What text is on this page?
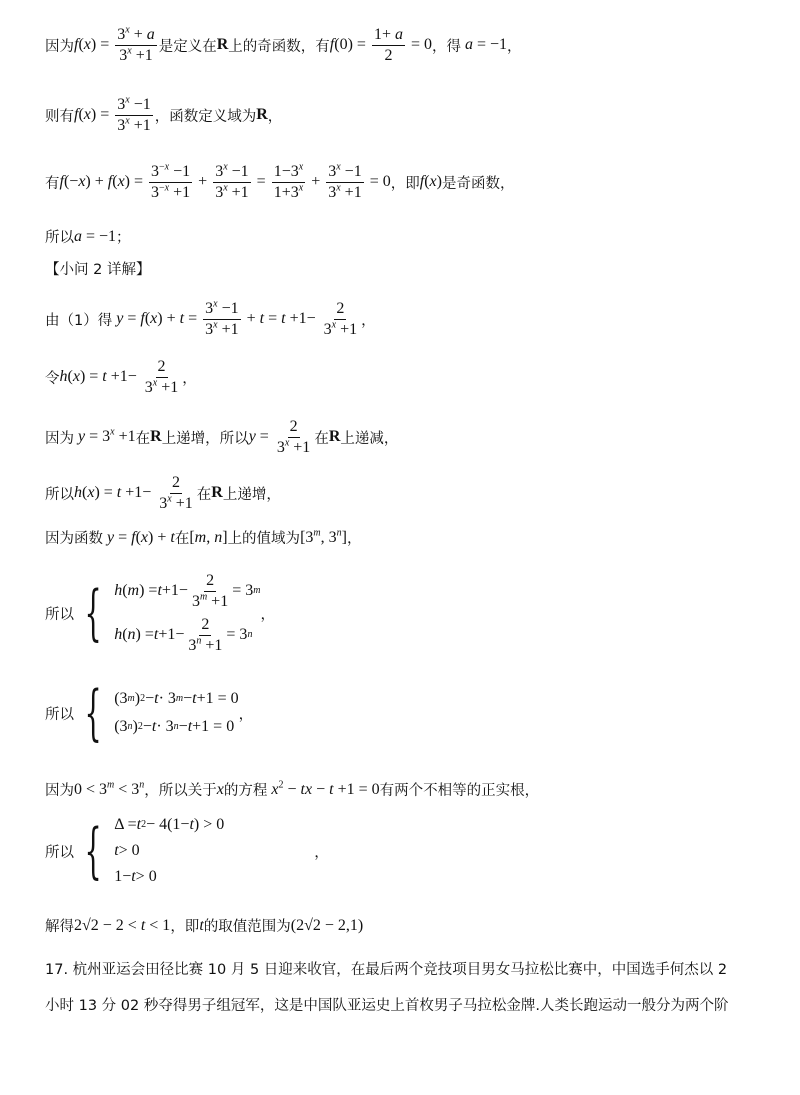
因为 $f(x) = \frac{3^x + a}{3^x +1}$ 是定义在 R 上的奇函数，有 $f(0) = \frac{1+ a}{2} = 0$ ，得 a = −1 ，
则有 $f(x) = \frac{3^x -1}{3^x +1}$ ，函数定义域为 R ，
有 $f(-x) + f(x) = \frac{3^{-x} -1}{3^{-x} +1} + \frac{3^x -1}{3^x +1} = \frac{1-3^x}{1+3^x} + \frac{3^x -1}{3^x +1} = 0$ ，即 f(x) 是奇函数，
所以 a = −1 ；
【小问 2 详解】
由（1）得 $y = f(x) + t = \frac{3^x -1}{3^x +1} + t = t +1- \frac{2}{3^x +1}$ ，
令 $h(x) = t +1- \frac{2}{3^x +1}$ ，
因为 $y = 3^x +1$ 在 R 上递增，所以 $y = \frac{2}{3^x +1}$ 在 R 上递减，
所以 $h(x) = t +1- \frac{2}{3^x +1}$ 在 R 上递增，
因为函数 y = f(x) + t 在 [m, n] 上的值域为 [3$^m$, 3$^n$] ，
所以 { h ( m ) = $t +1- \frac{2}{3^m +1} = 3$ m
h ( n ) = $t +1- \frac{2}{3^n +1} = 3$ n
，
所以 { (3 m ) 2 − t · 3 m − t +1 = 0
(3 n ) 2 − t · 3 n − t +1 = 0
，
因为 $0 < 3^m < 3^n$ ，所以关于 x 的方程 $x^2$ − tx − t +1 = 0 有两个不相等的正实根，
所以 { Δ = t 2 − 4(1− t ) > 0
t > 0
1− t > 0
，
解得 2√2 − 2 < t < 1 ，即 t 的取值范围为 (2√2 − 2,1)
17. 杭州亚运会田径比赛 10 月 5 日迎来收官，在最后两个竞技项目男女马拉松比赛中，中国选手何杰以 2
小时 13 分 02 秒夺得男子组冠军，这是中国队亚运史上首枚男子马拉松金牌.人类长跑运动一般分为两个阶
